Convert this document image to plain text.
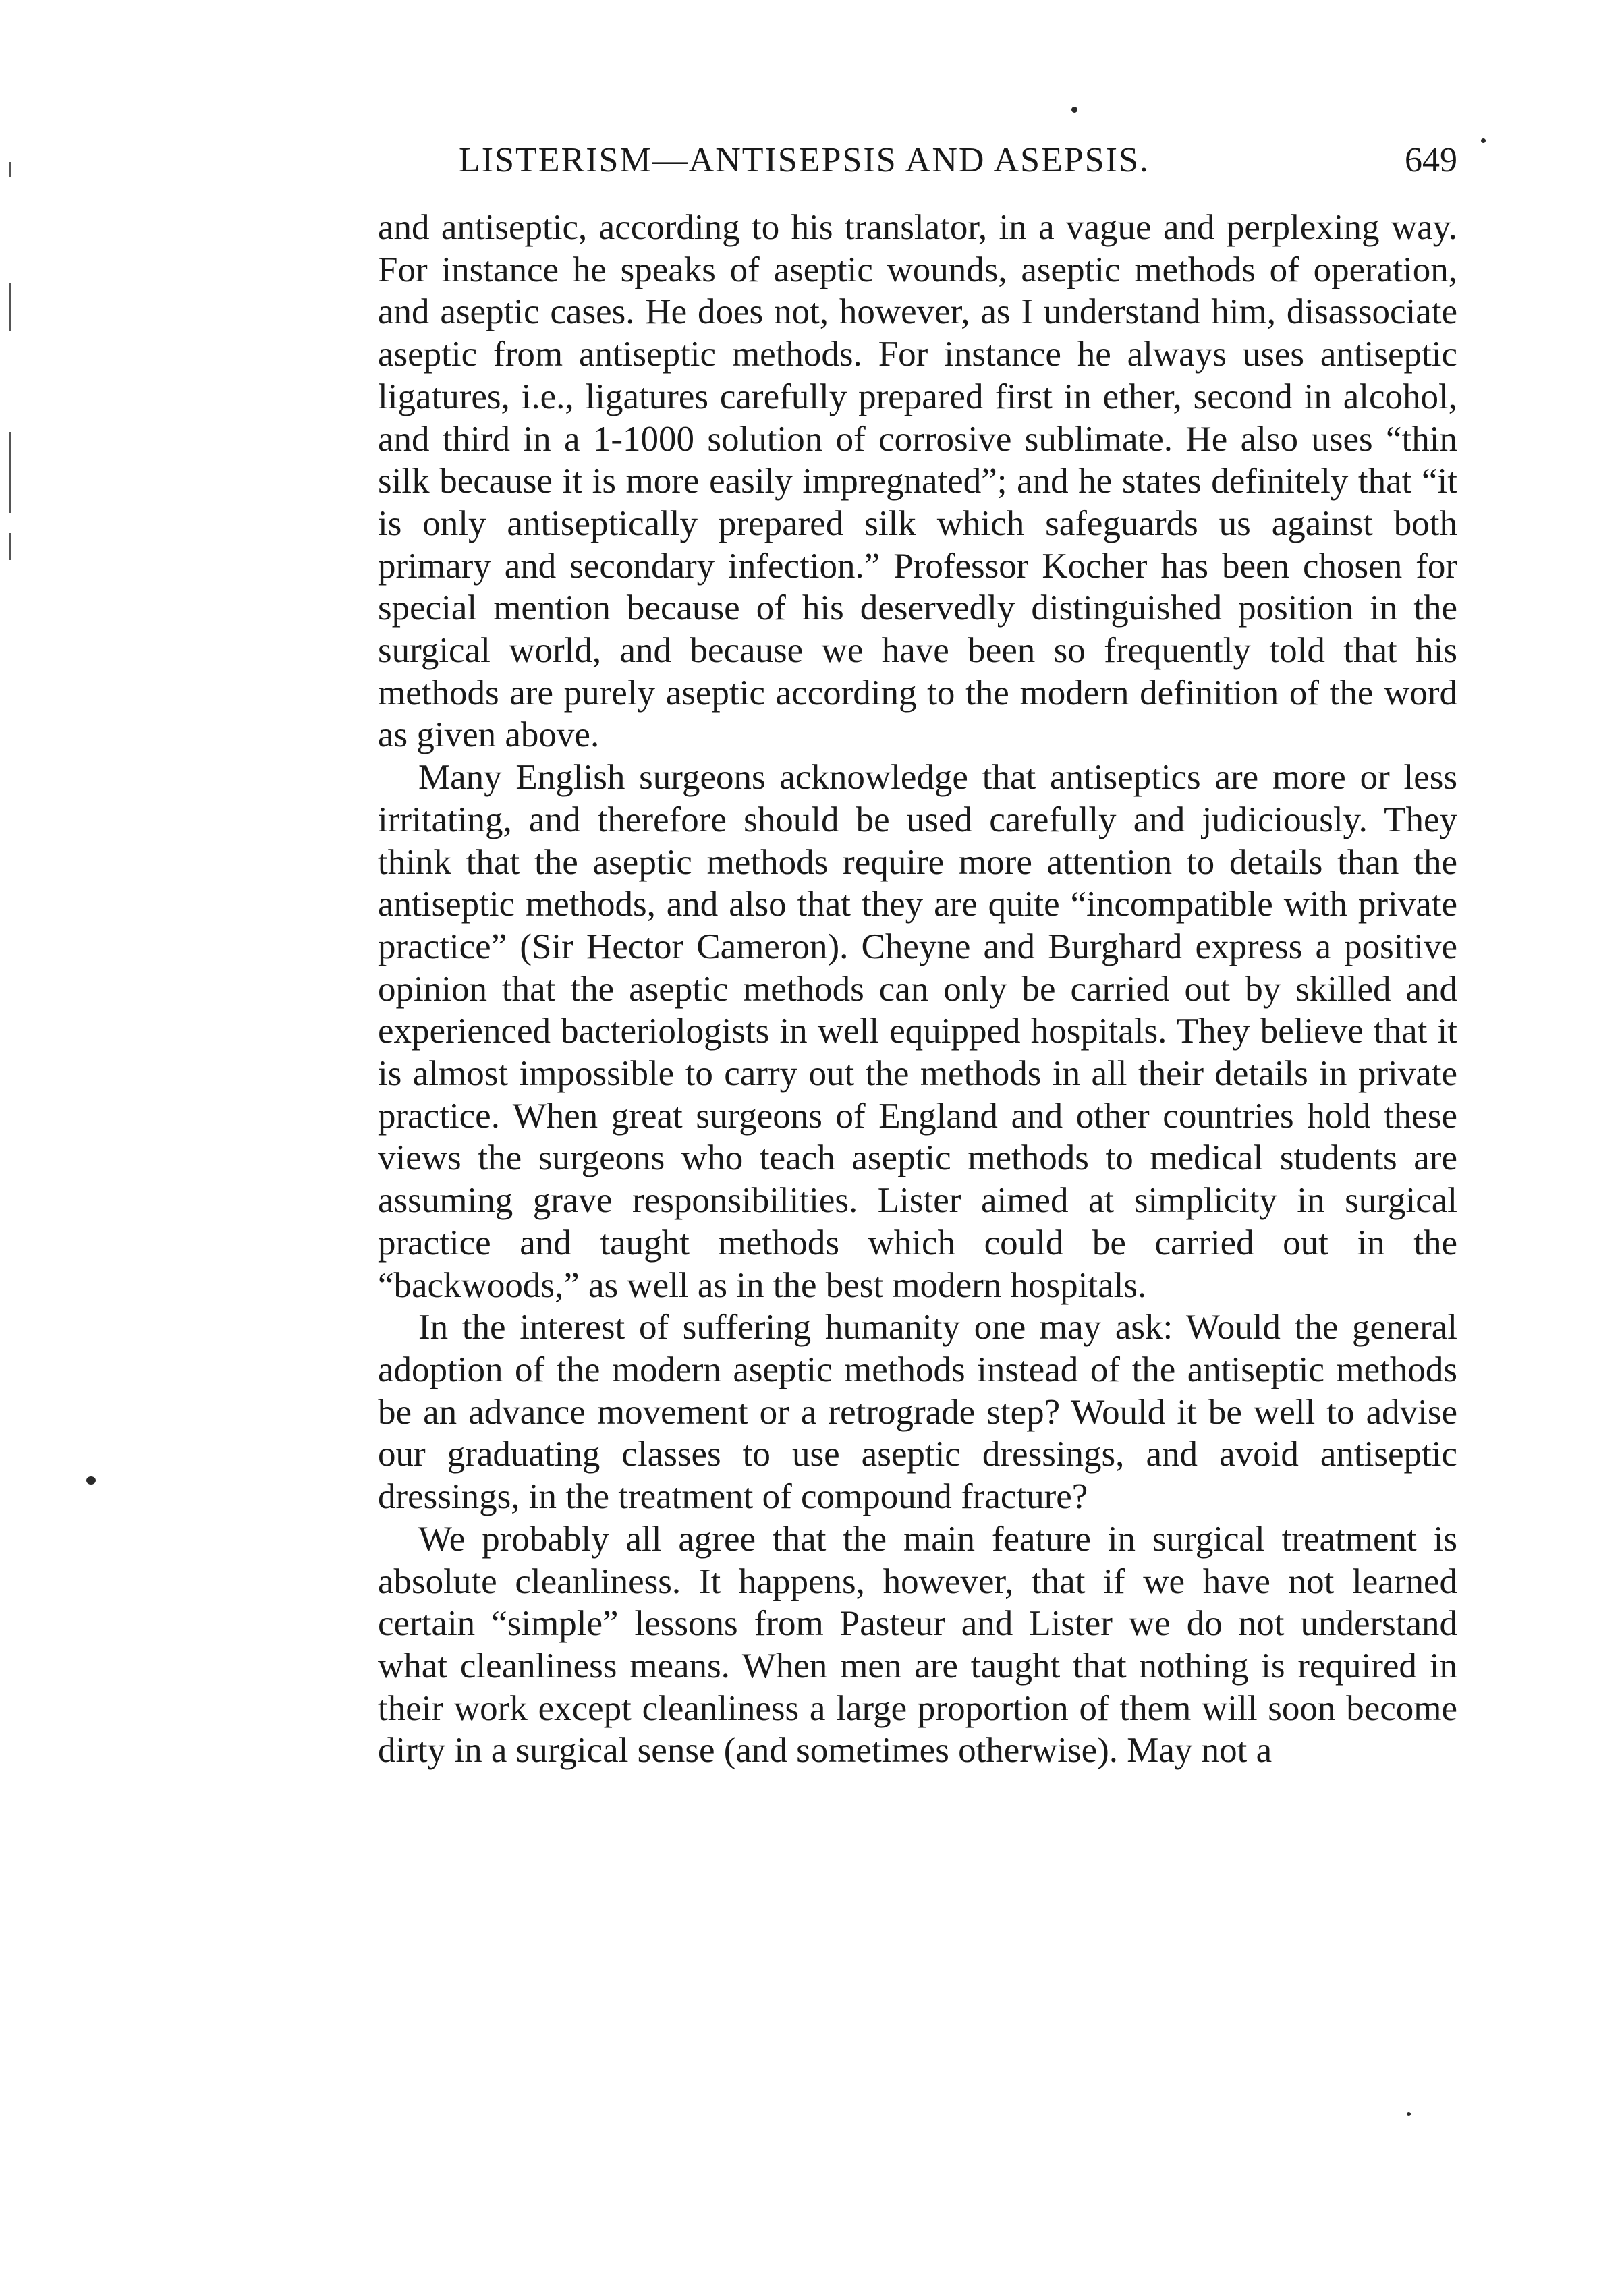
LISTERISM—ANTISEPSIS AND ASEPSIS.	649

and antiseptic, according to his translator, in a vague and perplexing way. For instance he speaks of aseptic wounds, aseptic methods of operation, and aseptic cases. He does not, however, as I understand him, disassociate aseptic from antiseptic methods. For instance he always uses antiseptic ligatures, i.e., ligatures carefully prepared first in ether, second in alcohol, and third in a 1-1000 solution of corrosive sublimate. He also uses “thin silk because it is more easily impregnated”; and he states definitely that “it is only antiseptically prepared silk which safeguards us against both primary and secondary infection.” Professor Kocher has been chosen for special mention because of his deservedly distinguished position in the surgical world, and because we have been so frequently told that his methods are purely aseptic according to the modern definition of the word as given above.

Many English surgeons acknowledge that antiseptics are more or less irritating, and therefore should be used carefully and judiciously. They think that the aseptic methods require more attention to details than the antiseptic methods, and also that they are quite “incompatible with private practice” (Sir Hector Cameron). Cheyne and Burghard express a positive opinion that the aseptic methods can only be carried out by skilled and experienced bacteriologists in well equipped hospitals. They believe that it is almost impossible to carry out the methods in all their details in private practice. When great surgeons of England and other countries hold these views the surgeons who teach aseptic methods to medical students are assuming grave responsibilities. Lister aimed at simplicity in surgical practice and taught methods which could be carried out in the “backwoods,” as well as in the best modern hospitals.

In the interest of suffering humanity one may ask: Would the general adoption of the modern aseptic methods instead of the antiseptic methods be an advance movement or a retrograde step? Would it be well to advise our graduating classes to use aseptic dressings, and avoid antiseptic dressings, in the treatment of compound fracture?

We probably all agree that the main feature in surgical treatment is absolute cleanliness. It happens, however, that if we have not learned certain “simple” lessons from Pasteur and Lister we do not understand what cleanliness means. When men are taught that nothing is required in their work except cleanliness a large proportion of them will soon become dirty in a surgical sense (and sometimes otherwise). May not a
